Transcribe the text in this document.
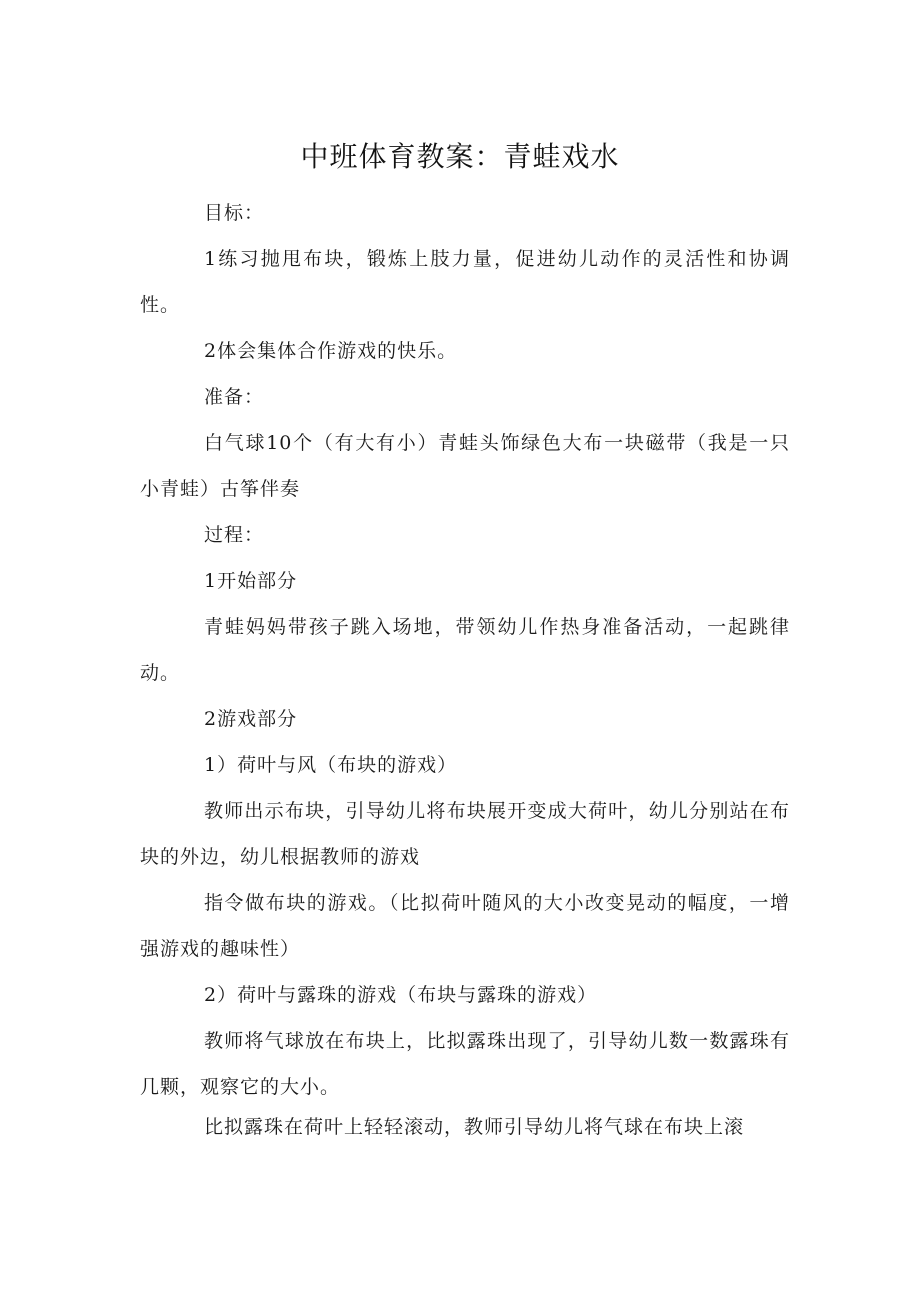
中班体育教案：青蛙戏水

目标：

1练习抛甩布块，锻炼上肢力量，促进幼儿动作的灵活性和协调性。

2体会集体合作游戏的快乐。

准备：

白气球10个（有大有小）青蛙头饰绿色大布一块磁带（我是一只小青蛙）古筝伴奏

过程：

1开始部分

青蛙妈妈带孩子跳入场地，带领幼儿作热身准备活动，一起跳律动。

2游戏部分

1）荷叶与风（布块的游戏）

教师出示布块，引导幼儿将布块展开变成大荷叶，幼儿分别站在布块的外边，幼儿根据教师的游戏

指令做布块的游戏。（比拟荷叶随风的大小改变晃动的幅度，一增强游戏的趣味性）

2）荷叶与露珠的游戏（布块与露珠的游戏）

教师将气球放在布块上，比拟露珠出现了，引导幼儿数一数露珠有几颗，观察它的大小。

比拟露珠在荷叶上轻轻滚动，教师引导幼儿将气球在布块上滚
